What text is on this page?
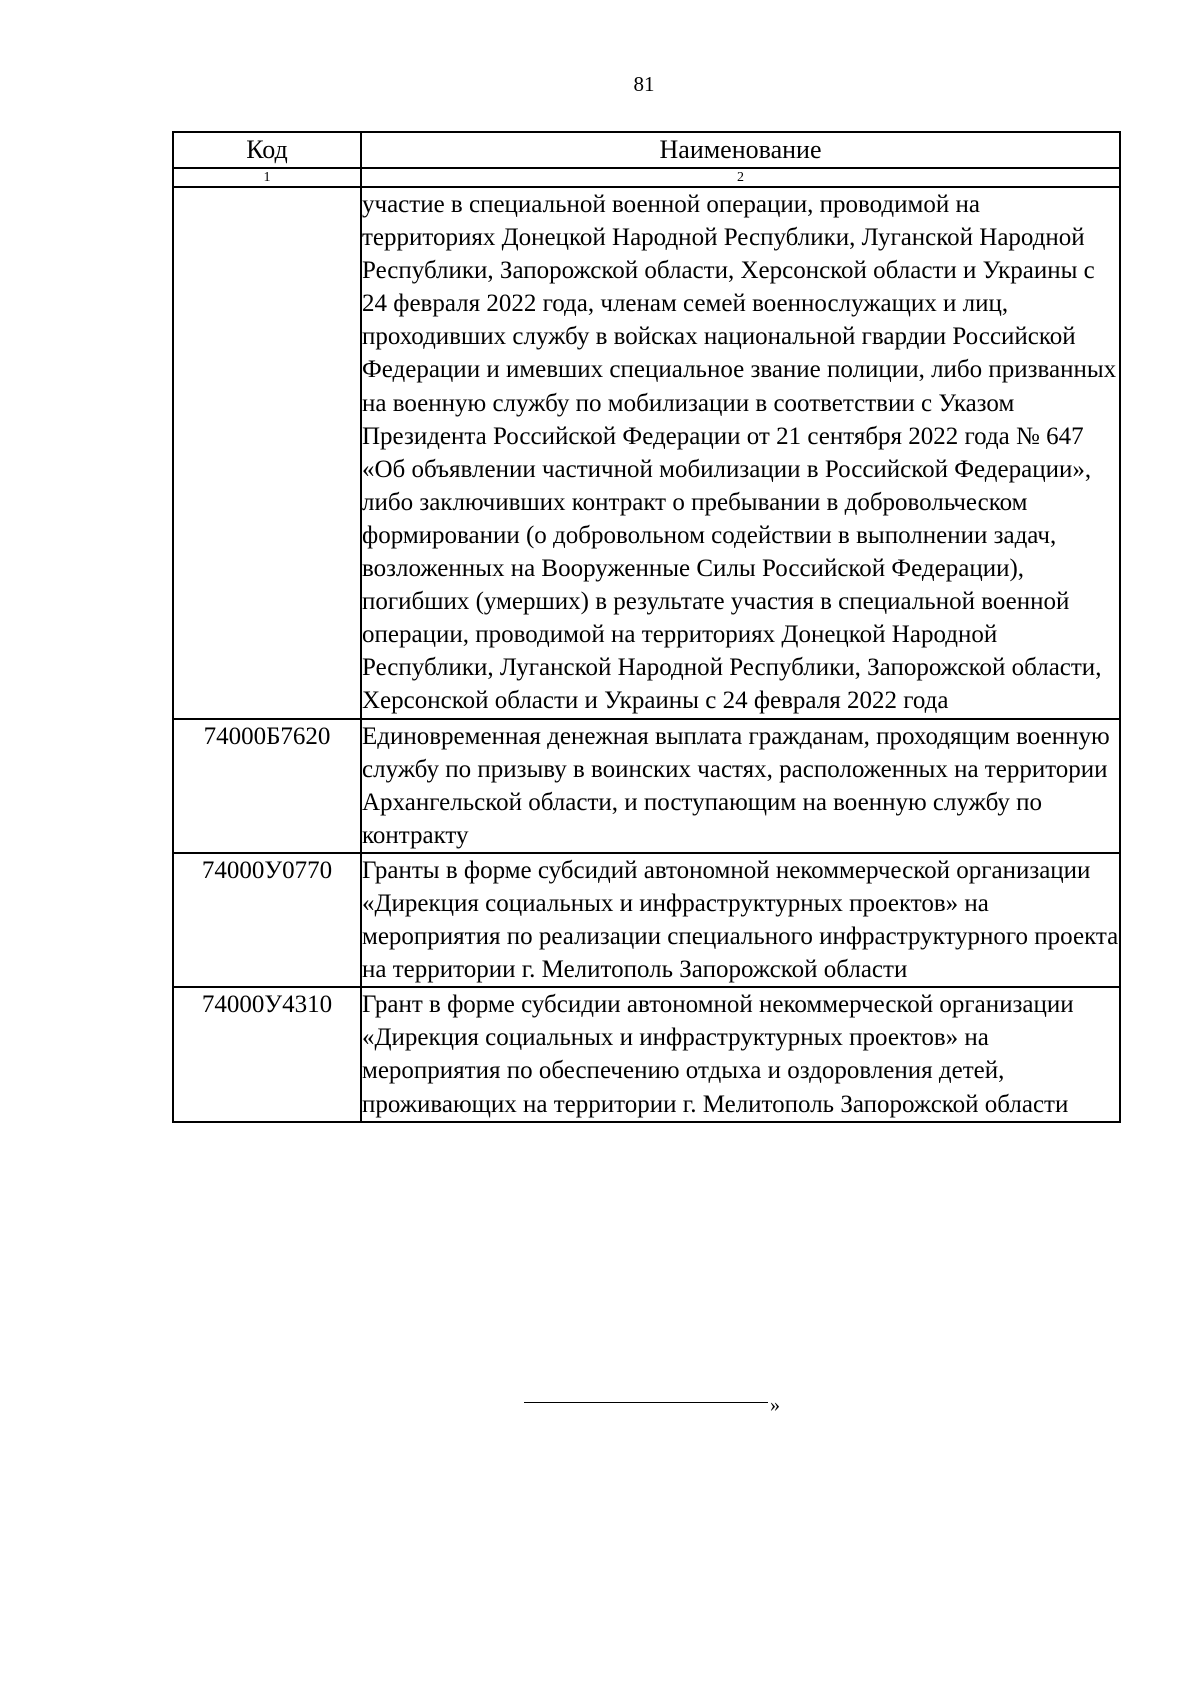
81
Код	Наименование
1	2
	участие в специальной военной операции, проводимой на территориях Донецкой Народной Республики, Луганской Народной Республики, Запорожской области, Херсонской области и Украины с 24 февраля 2022 года, членам семей военнослужащих и лиц, проходивших службу в войсках национальной гвардии Российской Федерации и имевших специальное звание полиции, либо призванных на военную службу по мобилизации в соответствии с Указом Президента Российской Федерации от 21 сентября 2022 года № 647 «Об объявлении частичной мобилизации в Российской Федерации», либо заключивших контракт о пребывании в добровольческом формировании (о добровольном содействии в выполнении задач, возложенных на Вооруженные Силы Российской Федерации), погибших (умерших) в результате участия в специальной военной операции, проводимой на территориях Донецкой Народной Республики, Луганской Народной Республики, Запорожской области, Херсонской области и Украины с 24 февраля 2022 года
74000Б7620	Единовременная денежная выплата гражданам, проходящим военную службу по призыву в воинских частях, расположенных на территории Архангельской области, и поступающим на военную службу по контракту
74000У0770	Гранты в форме субсидий автономной некоммерческой организации «Дирекция социальных и инфраструктурных проектов» на мероприятия по реализации специального инфраструктурного проекта на территории г. Мелитополь Запорожской области
74000У4310	Грант в форме субсидии автономной некоммерческой организации «Дирекция социальных и инфраструктурных проектов» на мероприятия по обеспечению отдыха и оздоровления детей, проживающих на территории г. Мелитополь Запорожской области
»
